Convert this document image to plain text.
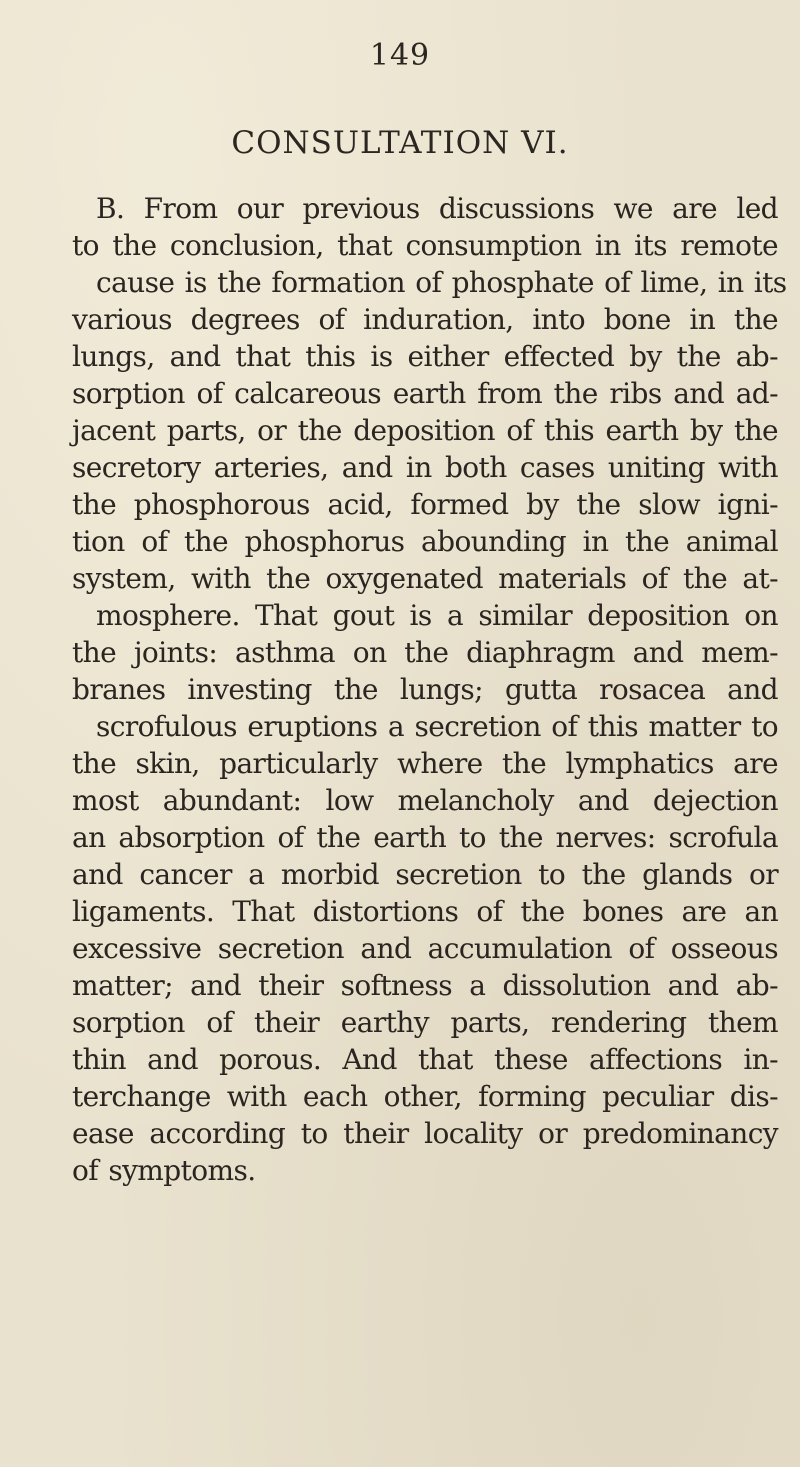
149
CONSULTATION VI.
B. From our previous discussions we are led
to the conclusion, that consumption in its remote
cause is the formation of phosphate of lime, in its
various degrees of induration, into bone in the
lungs, and that this is either effected by the ab-
sorption of calcareous earth from the ribs and ad-
jacent parts, or the deposition of this earth by the
secretory arteries, and in both cases uniting with
the phosphorous acid, formed by the slow igni-
tion of the phosphorus abounding in the animal
system, with the oxygenated materials of the at-
mosphere. That gout is a similar deposition on
the joints: asthma on the diaphragm and mem-
branes investing the lungs; gutta rosacea and
scrofulous eruptions a secretion of this matter to
the skin, particularly where the lymphatics are
most abundant: low melancholy and dejection
an absorption of the earth to the nerves: scrofula
and cancer a morbid secretion to the glands or
ligaments. That distortions of the bones are an
excessive secretion and accumulation of osseous
matter; and their softness a dissolution and ab-
sorption of their earthy parts, rendering them
thin and porous. And that these affections in-
terchange with each other, forming peculiar dis-
ease according to their locality or predominancy
of symptoms.
